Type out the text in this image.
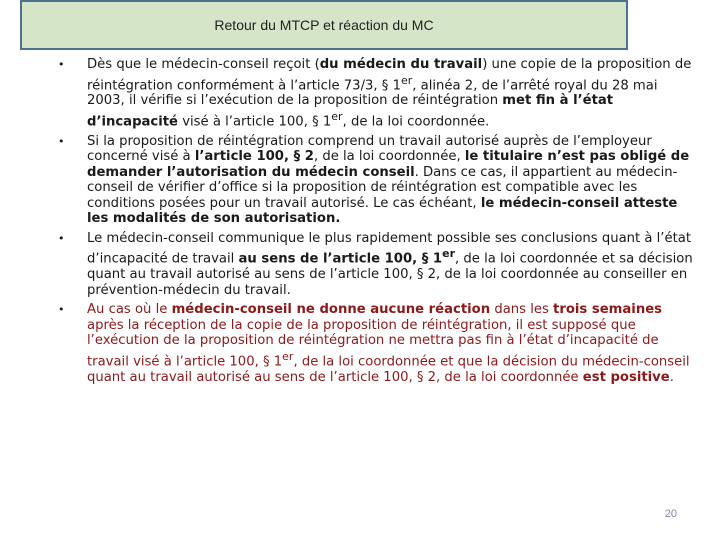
Retour du MTCP et réaction du MC
• Dès que le médecin-conseil reçoit (du médecin du travail) une copie de la proposition de réintégration conformément à l’article 73/3, § 1er, alinéa 2, de l’arrêté royal du 28 mai 2003, il vérifie si l’exécution de la proposition de réintégration met fin à l’état d’incapacité visé à l’article 100, § 1er, de la loi coordonnée.
• Si la proposition de réintégration comprend un travail autorisé auprès de l’employeur concerné visé à l’article 100, § 2, de la loi coordonnée, le titulaire n’est pas obligé de demander l’autorisation du médecin conseil. Dans ce cas, il appartient au médecin-conseil de vérifier d’office si la proposition de réintégration est compatible avec les conditions posées pour un travail autorisé. Le cas échéant, le médecin-conseil atteste les modalités de son autorisation.
• Le médecin-conseil communique le plus rapidement possible ses conclusions quant à l’état d’incapacité de travail au sens de l’article 100, § 1er, de la loi coordonnée et sa décision quant au travail autorisé au sens de l’article 100, § 2, de la loi coordonnée au conseiller en prévention-médecin du travail.
• Au cas où le médecin-conseil ne donne aucune réaction dans les trois semaines après la réception de la copie de la proposition de réintégration, il est supposé que l’exécution de la proposition de réintégration ne mettra pas fin à l’état d’incapacité de travail visé à l’article 100, § 1er, de la loi coordonnée et que la décision du médecin-conseil quant au travail autorisé au sens de l’article 100, § 2, de la loi coordonnée est positive.
20
